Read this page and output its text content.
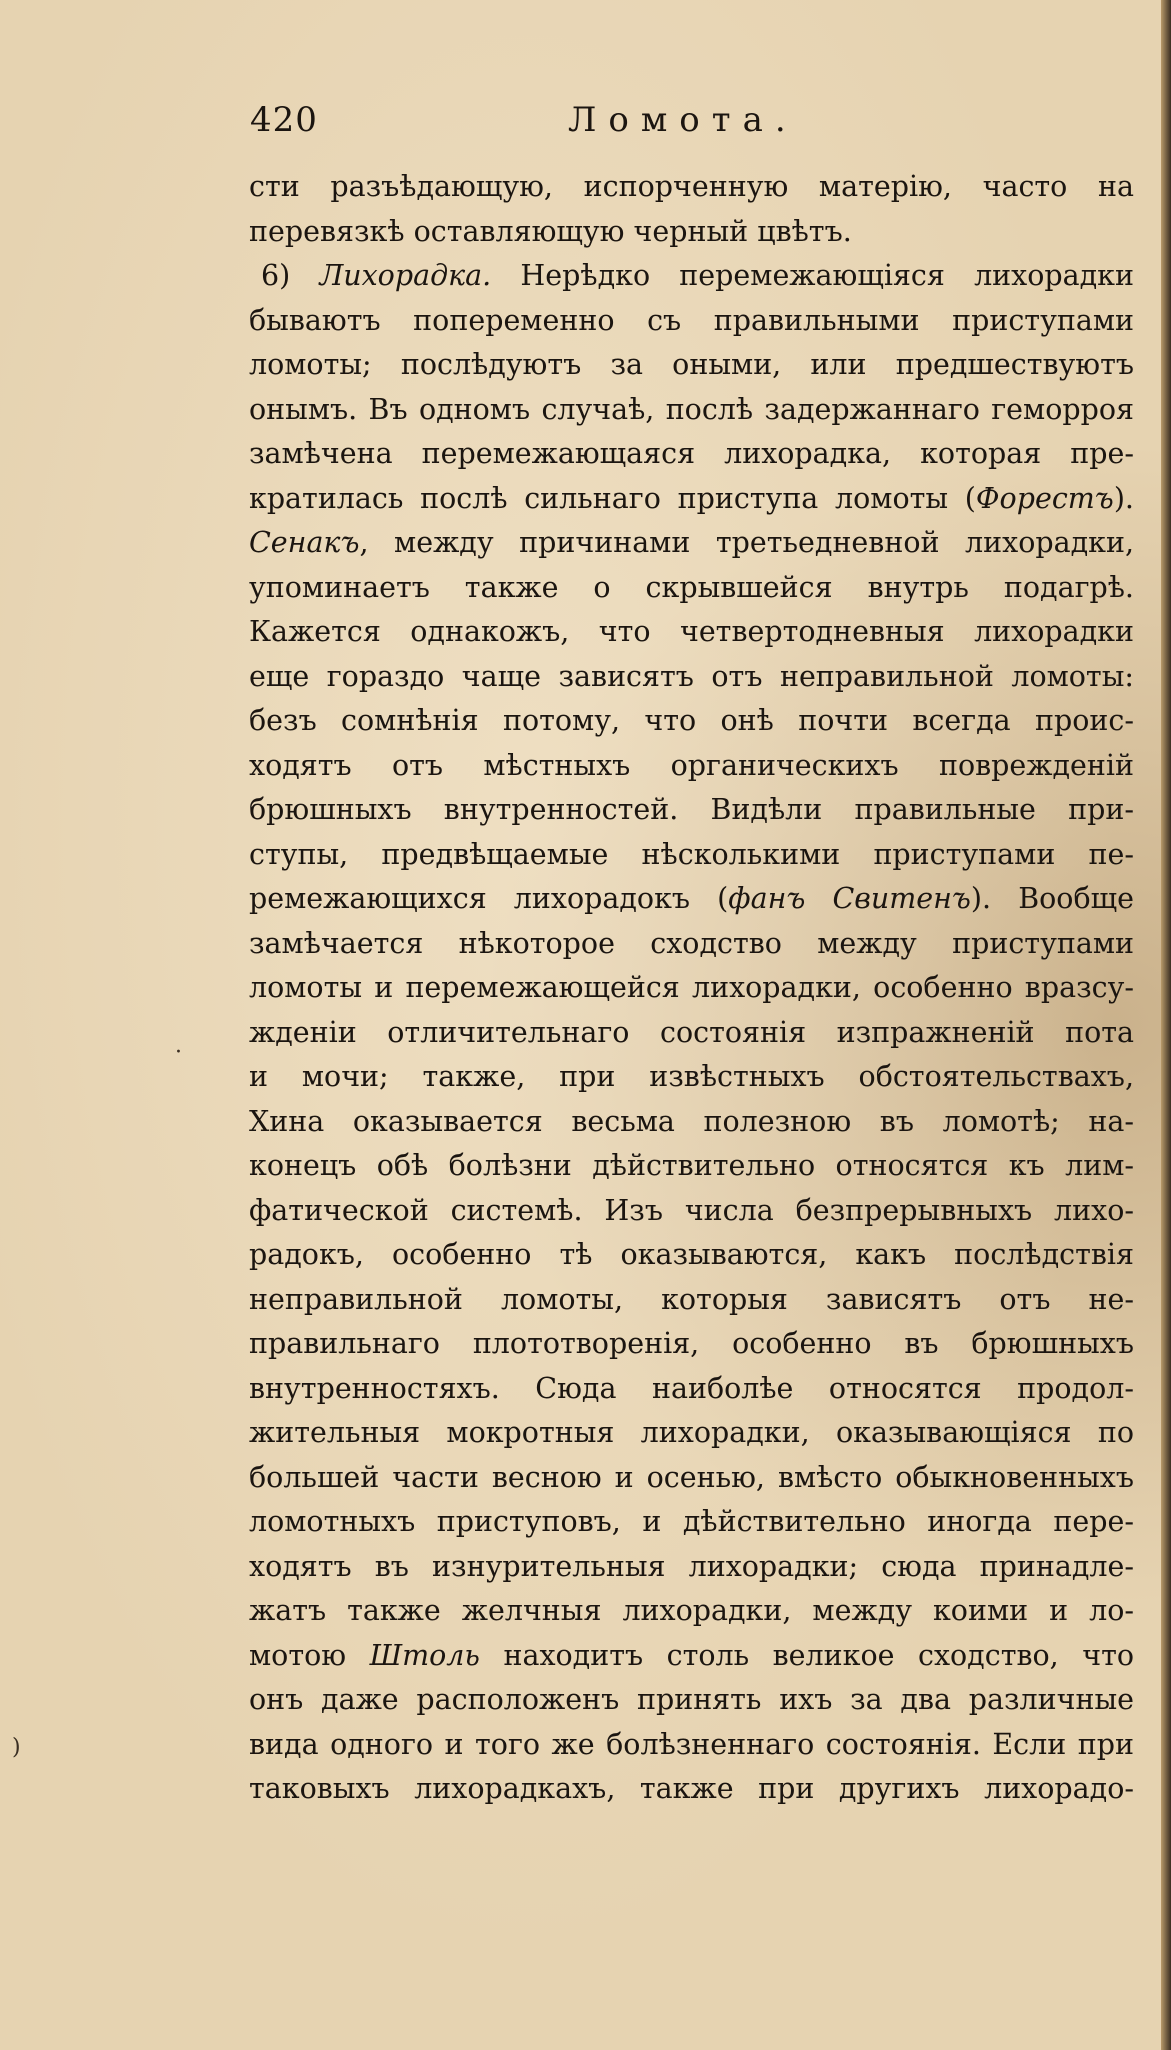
420	Ломота.
сти разъѣдающую, испорченную матерію, часто на
перевязкѣ оставляющую черный цвѣтъ.
6) Лихорадка. Нерѣдко перемежающіяся лихорадки
бываютъ попеременно съ правильными приступами
ломоты; послѣдуютъ за оными, или предшествуютъ
онымъ. Въ одномъ случаѣ, послѣ задержаннаго геморроя
замѣчена перемежающаяся лихорадка, которая пре-
кратилась послѣ сильнаго приступа ломоты (Форестъ).
Сенакъ, между причинами третьедневной лихорадки,
упоминаетъ также о скрывшейся внутрь подагрѣ.
Кажется однакожъ, что четвертодневныя лихорадки
еще гораздо чаще зависятъ отъ неправильной ломоты:
безъ сомнѣнія потому, что онѣ почти всегда проис-
ходятъ отъ мѣстныхъ органическихъ поврежденій
брюшныхъ внутренностей. Видѣли правильные при-
ступы, предвѣщаемые нѣсколькими приступами пе-
ремежающихся лихорадокъ (фанъ Свитенъ). Вообще
замѣчается нѣкоторое сходство между приступами
ломоты и перемежающейся лихорадки, особенно вразсу-
жденіи отличительнаго состоянія изпражненій пота
и мочи; также, при извѣстныхъ обстоятельствахъ,
Хина оказывается весьма полезною въ ломотѣ; на-
конецъ обѣ болѣзни дѣйствительно относятся къ лим-
фатической системѣ. Изъ числа безпрерывныхъ лихо-
радокъ, особенно тѣ оказываются, какъ послѣдствія
неправильной ломоты, которыя зависятъ отъ не-
правильнаго плототворенія, особенно въ брюшныхъ
внутренностяхъ. Сюда наиболѣе относятся продол-
жительныя мокротныя лихорадки, оказывающіяся по
большей части весною и осенью, вмѣсто обыкновенныхъ
ломотныхъ приступовъ, и дѣйствительно иногда пере-
ходятъ въ изнурительныя лихорадки; сюда принадле-
жатъ также желчныя лихорадки, между коими и ло-
мотою Штоль находитъ столь великое сходство, что
онъ даже расположенъ принять ихъ за два различные
вида одного и того же болѣзненнаго состоянія. Если при
таковыхъ лихорадкахъ, также при другихъ лихорадо-
·
)
